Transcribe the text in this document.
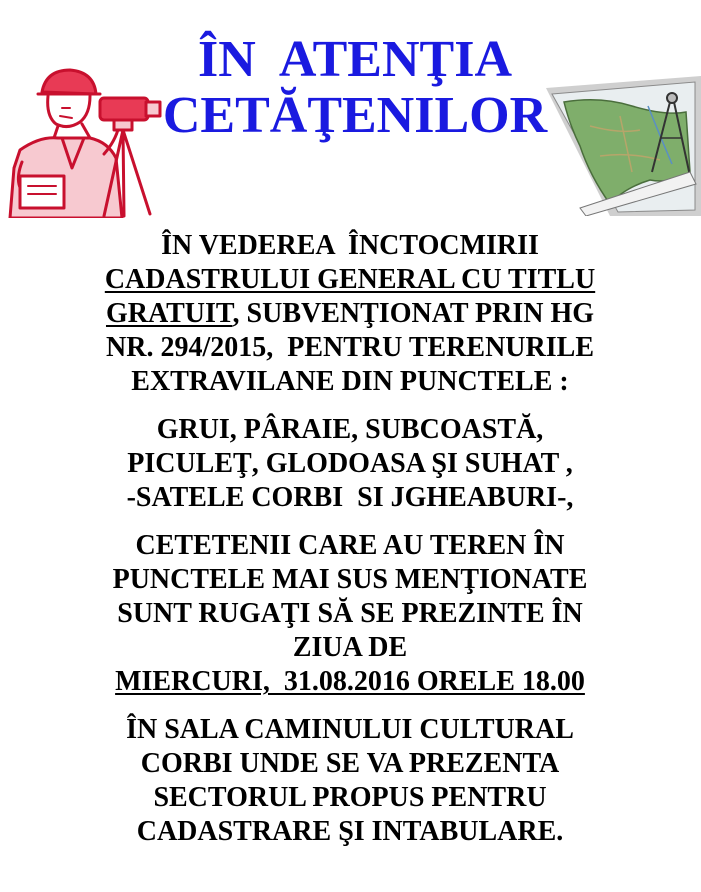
ÎN  ATENŢIA
CETĂŢENILOR

ÎN VEDEREA  ÎNCTOCMIRII

CADASTRULUI GENERAL CU TITLU

GRATUIT, SUBVENŢIONAT PRIN HG

NR. 294/2015,  PENTRU TERENURILE

EXTRAVILANE DIN PUNCTELE :

GRUI, PÂRAIE, SUBCOASTĂ,

PICULEŢ, GLODOASA ŞI SUHAT ,

-SATELE CORBI  SI JGHEABURI-,

CETETENII CARE AU TEREN ÎN

PUNCTELE MAI SUS MENŢIONATE

SUNT RUGAŢI SĂ SE PREZINTE ÎN

ZIUA DE

MIERCURI,  31.08.2016 ORELE 18.00

ÎN SALA CAMINULUI CULTURAL

CORBI UNDE SE VA PREZENTA

SECTORUL PROPUS PENTRU

CADASTRARE ŞI INTABULARE.
